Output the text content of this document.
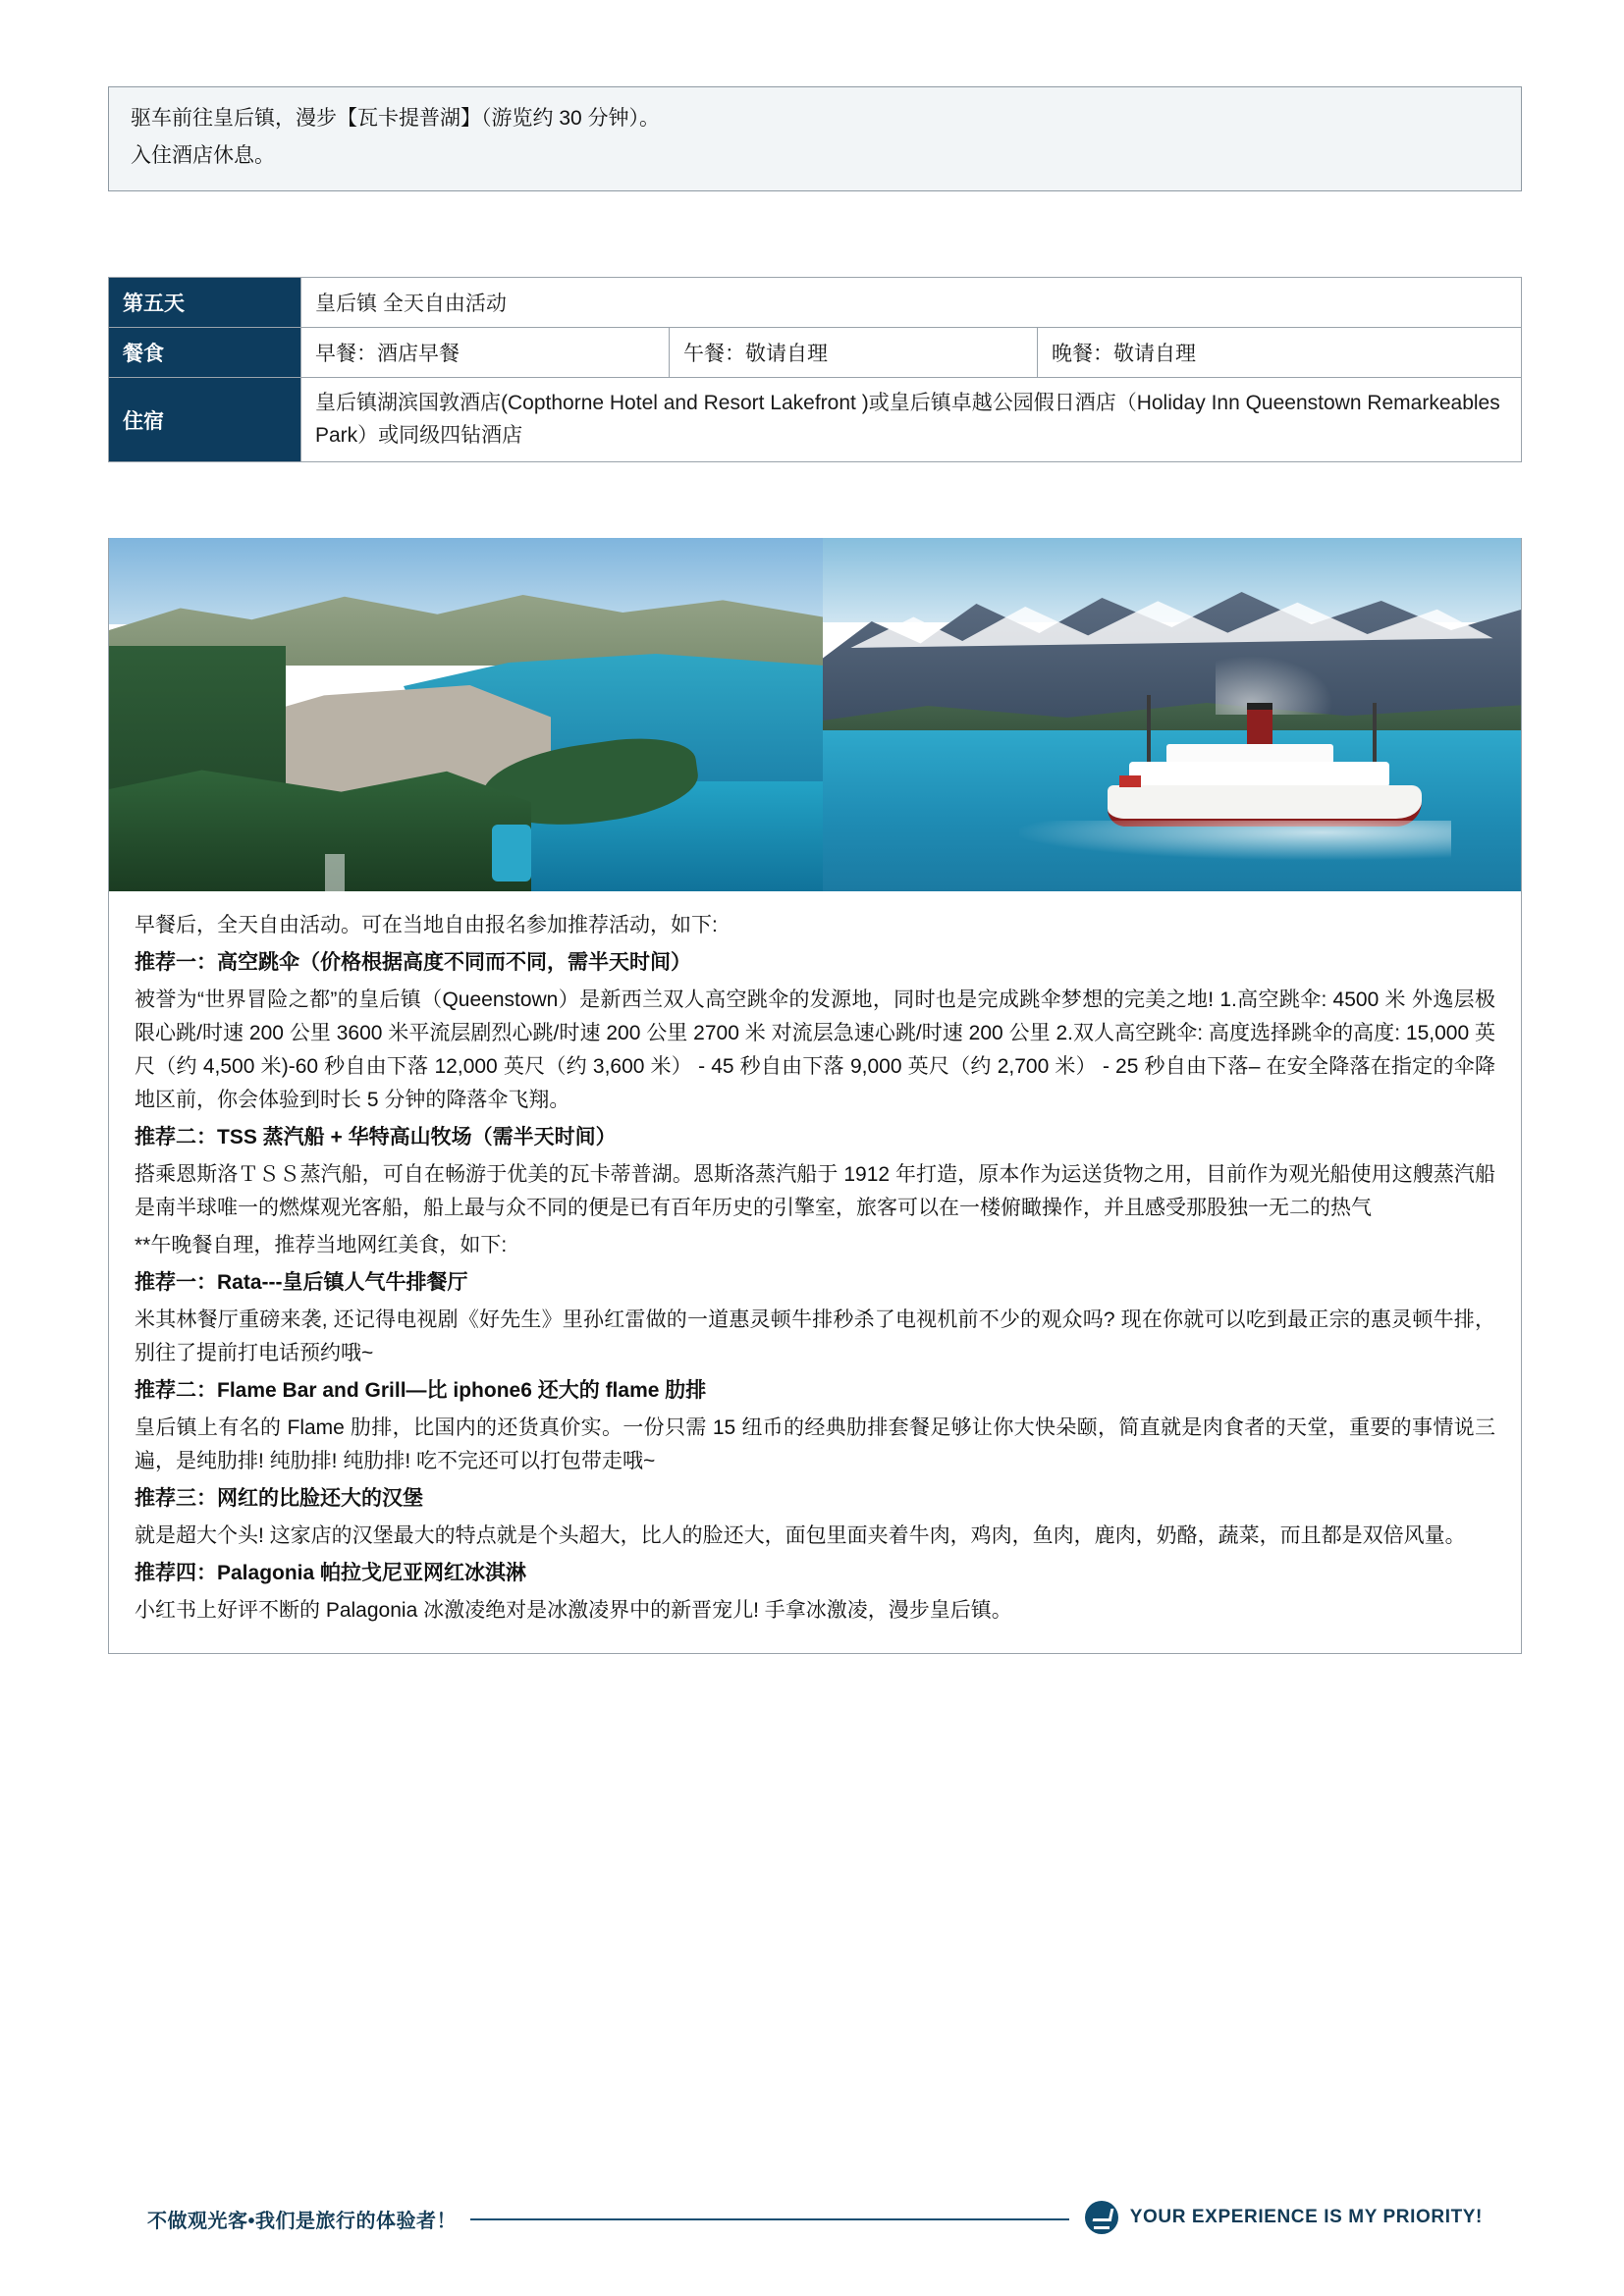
驱车前往皇后镇，漫步【瓦卡提普湖】（游览约 30 分钟）。

入住酒店休息。

第五天	皇后镇 全天自由活动		
餐食	早餐：酒店早餐	午餐：敬请自理	晚餐：敬请自理
住宿	皇后镇湖滨国敦酒店(Copthorne Hotel and Resort Lakefront )或皇后镇卓越公园假日酒店（Holiday Inn Queenstown Remarkeables Park）或同级四钻酒店		

早餐后，全天自由活动。可在当地自由报名参加推荐活动，如下:

推荐一：高空跳伞（价格根据高度不同而不同，需半天时间）

被誉为“世界冒险之都”的皇后镇（Queenstown）是新西兰双人高空跳伞的发源地，同时也是完成跳伞梦想的完美之地! 1.高空跳伞: 4500 米 外逸层极限心跳/时速 200 公里 3600 米平流层剧烈心跳/时速 200 公里 2700 米 对流层急速心跳/时速 200 公里 2.双人高空跳伞: 高度选择跳伞的高度: 15,000 英尺（约 4,500 米)-60 秒自由下落 12,000 英尺（约 3,600 米） - 45 秒自由下落 9,000 英尺（约 2,700 米） - 25 秒自由下落– 在安全降落在指定的伞降地区前，你会体验到时长 5 分钟的降落伞飞翔。

推荐二：TSS 蒸汽船 + 华特高山牧场（需半天时间）

搭乘恩斯洛ＴＳＳ蒸汽船，可自在畅游于优美的瓦卡蒂普湖。恩斯洛蒸汽船于 1912 年打造，原本作为运送货物之用，目前作为观光船使用这艘蒸汽船是南半球唯一的燃煤观光客船，船上最与众不同的便是已有百年历史的引擎室，旅客可以在一楼俯瞰操作，并且感受那股独一无二的热气

**午晚餐自理，推荐当地网红美食，如下:

推荐一：Rata---皇后镇人气牛排餐厅

米其林餐厅重磅来袭, 还记得电视剧《好先生》里孙红雷做的一道惠灵顿牛排秒杀了电视机前不少的观众吗? 现在你就可以吃到最正宗的惠灵顿牛排，别往了提前打电话预约哦~

推荐二：Flame Bar and Grill—比 iphone6 还大的 flame 肋排

皇后镇上有名的 Flame 肋排，比国内的还货真价实。一份只需 15 纽币的经典肋排套餐足够让你大快朵颐，简直就是肉食者的天堂，重要的事情说三遍，是纯肋排! 纯肋排! 纯肋排! 吃不完还可以打包带走哦~

推荐三：网红的比脸还大的汉堡

就是超大个头! 这家店的汉堡最大的特点就是个头超大，比人的脸还大，面包里面夹着牛肉，鸡肉，鱼肉，鹿肉，奶酪，蔬菜，而且都是双倍风量。

推荐四：Palagonia 帕拉戈尼亚网红冰淇淋

小红书上好评不断的 Palagonia 冰激凌绝对是冰激凌界中的新晋宠儿! 手拿冰激凌，漫步皇后镇。

不做观光客•我们是旅行的体验者！	YOUR EXPERIENCE IS MY PRIORITY!
